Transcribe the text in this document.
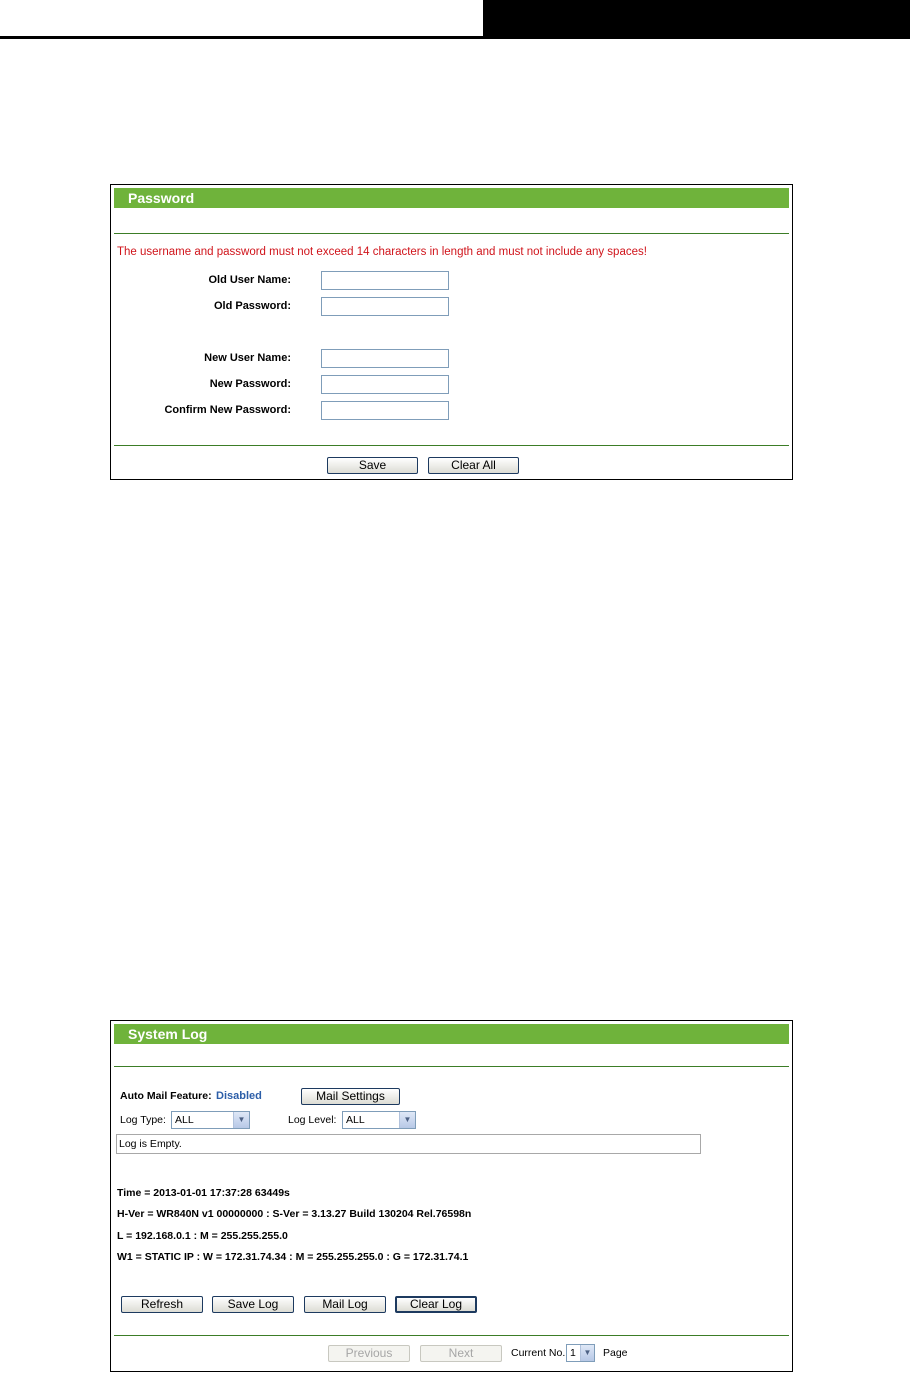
Password
The username and password must not exceed 14 characters in length and must not include any spaces!
Old User Name:
Old Password:
New User Name:
New Password:
Confirm New Password:
Save	Clear All
System Log
Auto Mail Feature: Disabled	Mail Settings
Log Type: ALL	▼	Log Level: ALL	▼
Log is Empty.
Time = 2013-01-01 17:37:28 63449s
H-Ver = WR840N v1 00000000 : S-Ver = 3.13.27 Build 130204 Rel.76598n
L = 192.168.0.1 : M = 255.255.255.0
W1 = STATIC IP : W = 172.31.74.34 : M = 255.255.255.0 : G = 172.31.74.1
Refresh	Save Log	Mail Log	Clear Log
Previous	Next	Current No. 1 ▼ Page
